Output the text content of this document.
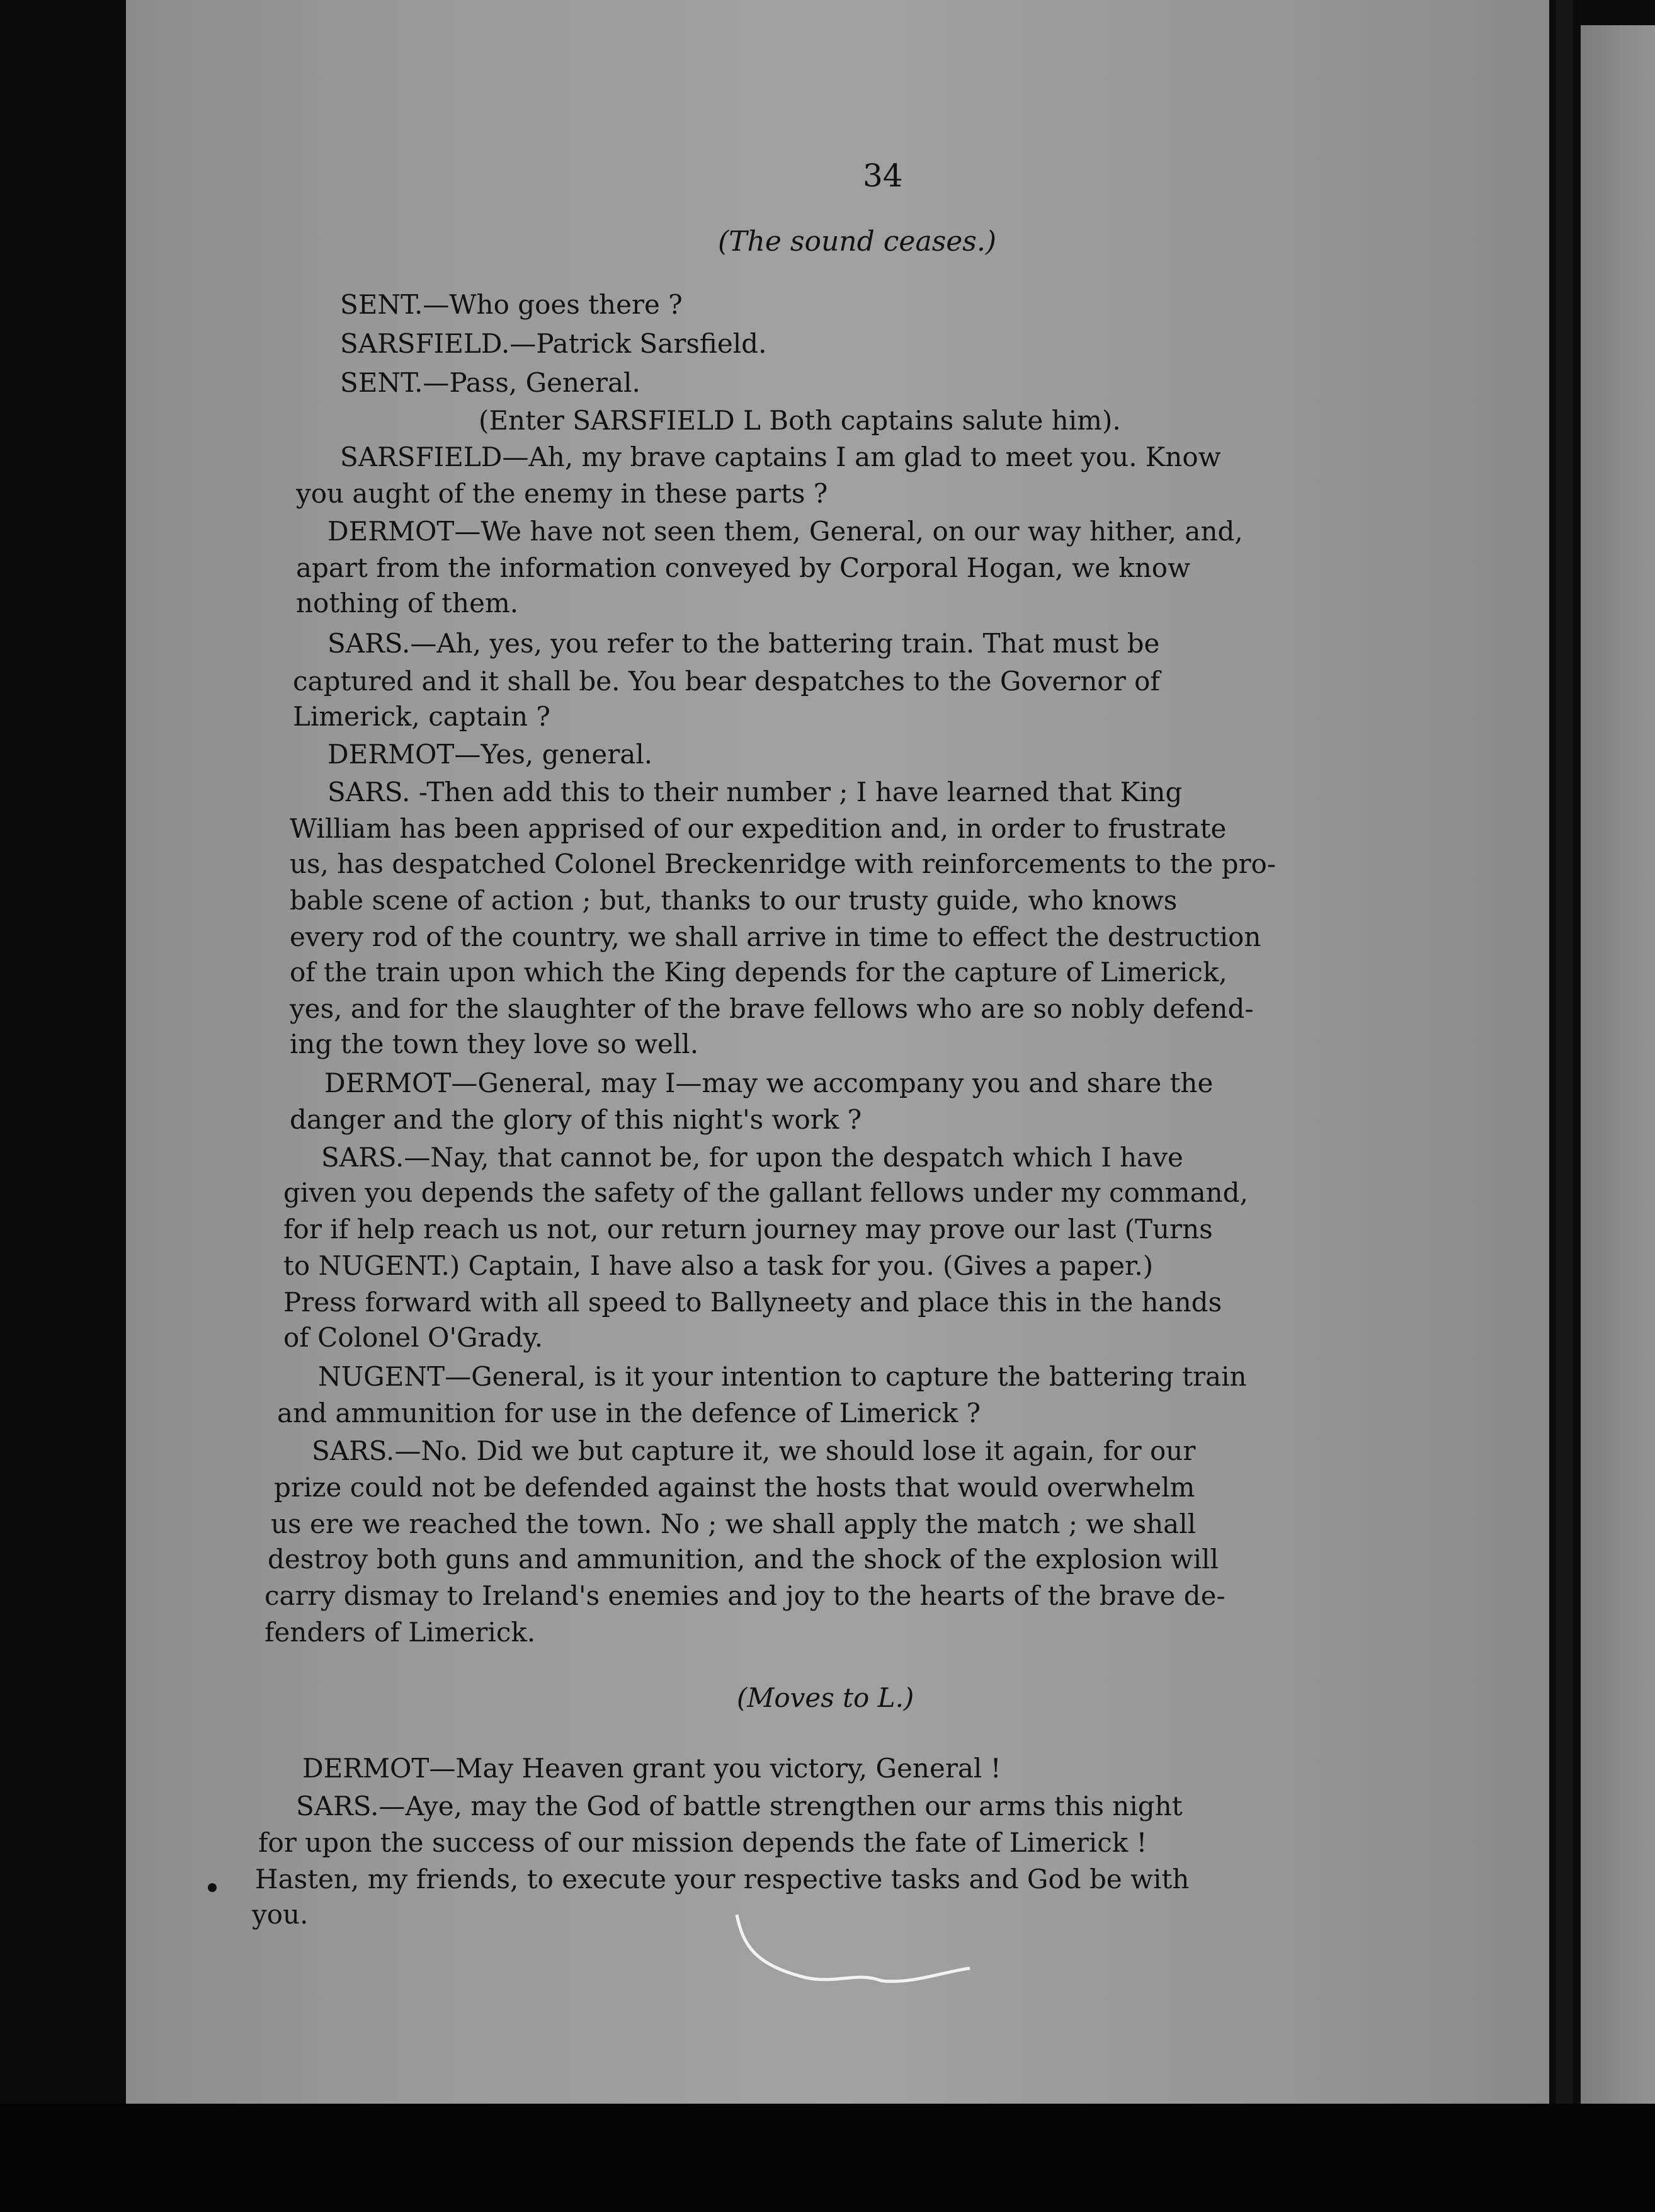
34
(The sound ceases.)
SENT.—Who goes there ?
SARSFIELD.—Patrick Sarsfield.
SENT.—Pass, General.
(Enter SARSFIELD L Both captains salute him).
SARSFIELD—Ah, my brave captains I am glad to meet you. Know
you aught of the enemy in these parts ?
DERMOT—We have not seen them, General, on our way hither, and,
apart from the information conveyed by Corporal Hogan, we know
nothing of them.
SARS.—Ah, yes, you refer to the battering train. That must be
captured and it shall be. You bear despatches to the Governor of
Limerick, captain ?
DERMOT—Yes, general.
SARS. -Then add this to their number ; I have learned that King
William has been apprised of our expedition and, in order to frustrate
us, has despatched Colonel Breckenridge with reinforcements to the pro-
bable scene of action ; but, thanks to our trusty guide, who knows
every rod of the country, we shall arrive in time to effect the destruction
of the train upon which the King depends for the capture of Limerick,
yes, and for the slaughter of the brave fellows who are so nobly defend-
ing the town they love so well.
DERMOT—General, may I—may we accompany you and share the
danger and the glory of this night's work ?
SARS.—Nay, that cannot be, for upon the despatch which I have
given you depends the safety of the gallant fellows under my command,
for if help reach us not, our return journey may prove our last (Turns
to NUGENT.) Captain, I have also a task for you. (Gives a paper.)
Press forward with all speed to Ballyneety and place this in the hands
of Colonel O'Grady.
NUGENT—General, is it your intention to capture the battering train
and ammunition for use in the defence of Limerick ?
SARS.—No. Did we but capture it, we should lose it again, for our
prize could not be defended against the hosts that would overwhelm
us ere we reached the town. No ; we shall apply the match ; we shall
destroy both guns and ammunition, and the shock of the explosion will
carry dismay to Ireland's enemies and joy to the hearts of the brave de-
fenders of Limerick.
(Moves to L.)
DERMOT—May Heaven grant you victory, General !
SARS.—Aye, may the God of battle strengthen our arms this night
for upon the success of our mission depends the fate of Limerick !
Hasten, my friends, to execute your respective tasks and God be with
you.
